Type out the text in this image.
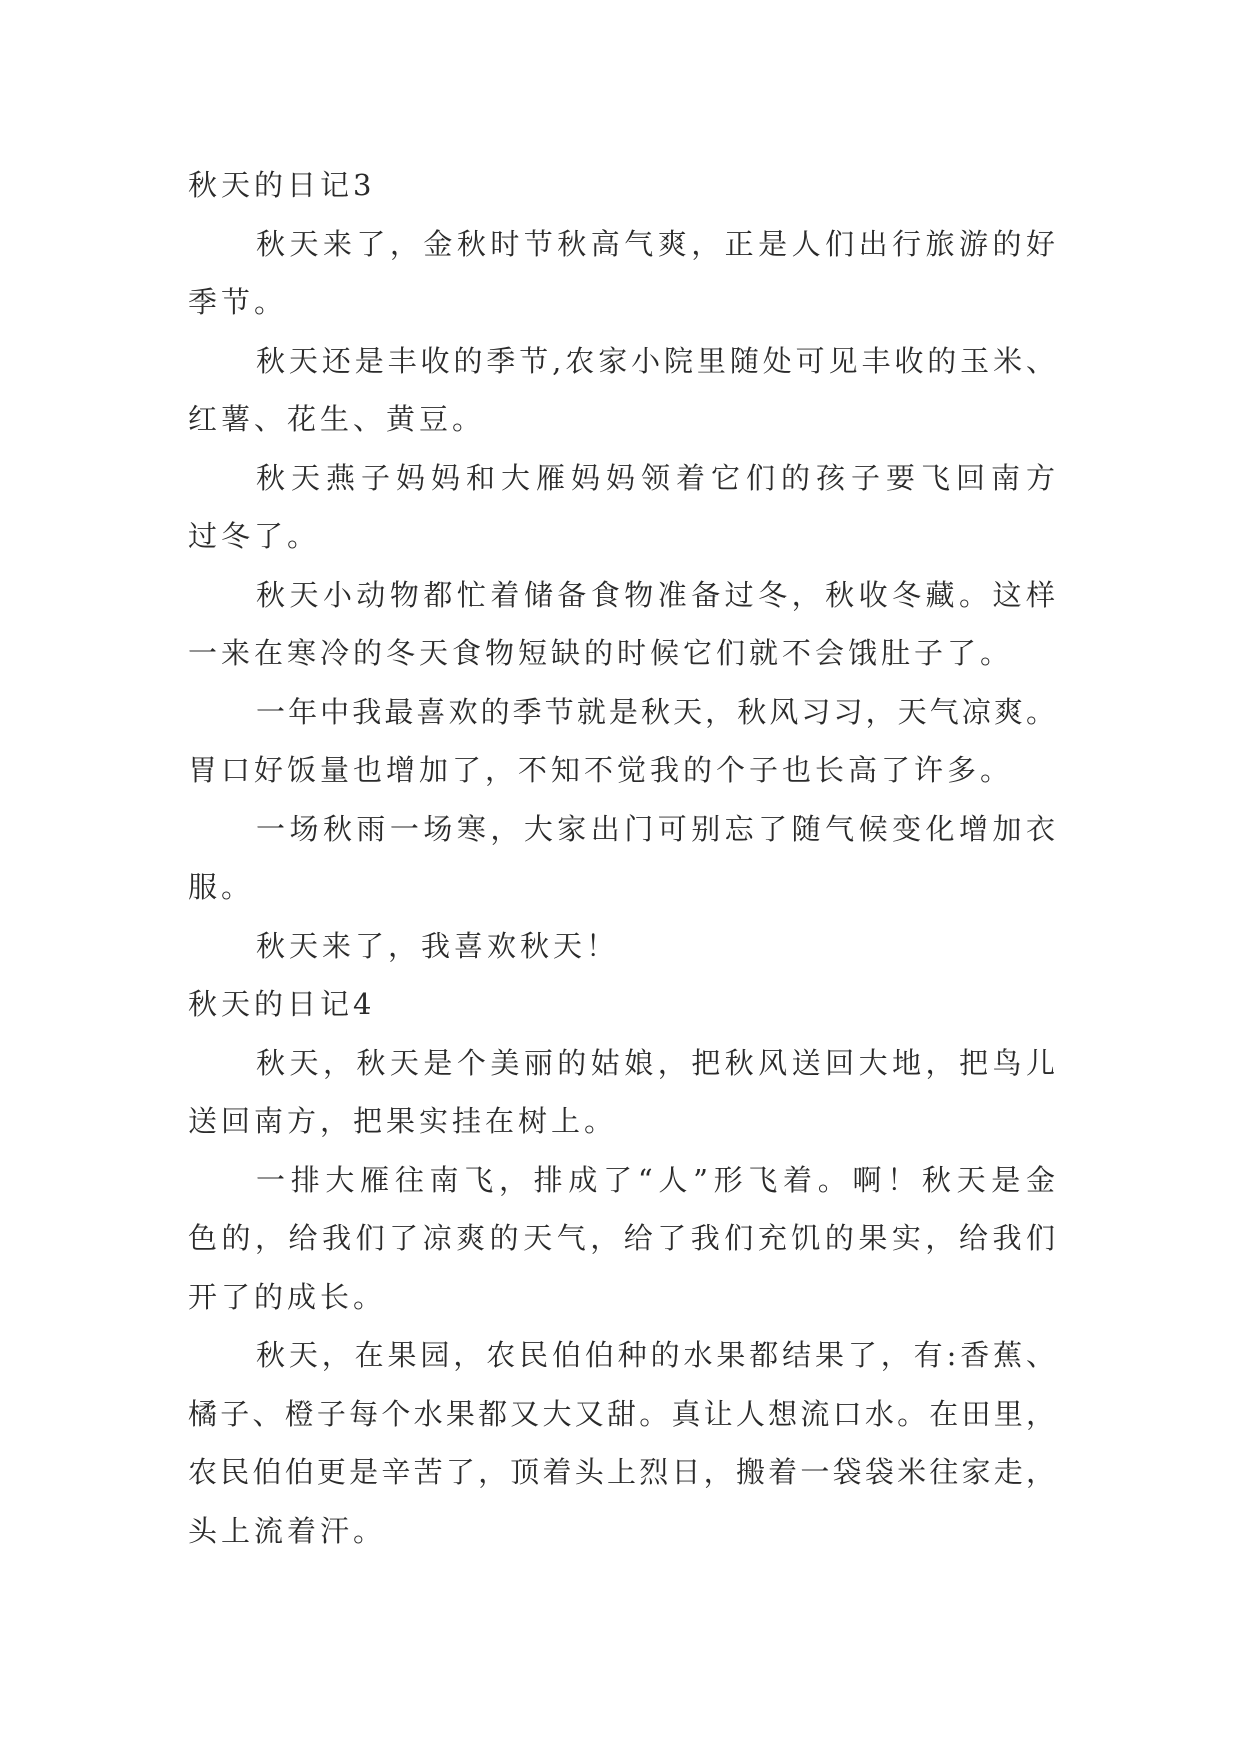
秋天的日记3
秋天来了，金秋时节秋高气爽，正是人们出行旅游的好
季节。
秋天还是丰收的季节,农家小院里随处可见丰收的玉米、
红薯、花生、黄豆。
秋天燕子妈妈和大雁妈妈领着它们的孩子要飞回南方
过冬了。
秋天小动物都忙着储备食物准备过冬，秋收冬藏。这样
一来在寒冷的冬天食物短缺的时候它们就不会饿肚子了。
一年中我最喜欢的季节就是秋天，秋风习习，天气凉爽。
胃口好饭量也增加了，不知不觉我的个子也长高了许多。
一场秋雨一场寒，大家出门可别忘了随气候变化增加衣
服。
秋天来了，我喜欢秋天！
秋天的日记4
秋天，秋天是个美丽的姑娘，把秋风送回大地，把鸟儿
送回南方，把果实挂在树上。
一排大雁往南飞，排成了“人”形飞着。啊！秋天是金
色的，给我们了凉爽的天气，给了我们充饥的果实，给我们
开了的成长。
秋天，在果园，农民伯伯种的水果都结果了，有:香蕉、
橘子、橙子每个水果都又大又甜。真让人想流口水。在田里，
农民伯伯更是辛苦了，顶着头上烈日，搬着一袋袋米往家走，
头上流着汗。
